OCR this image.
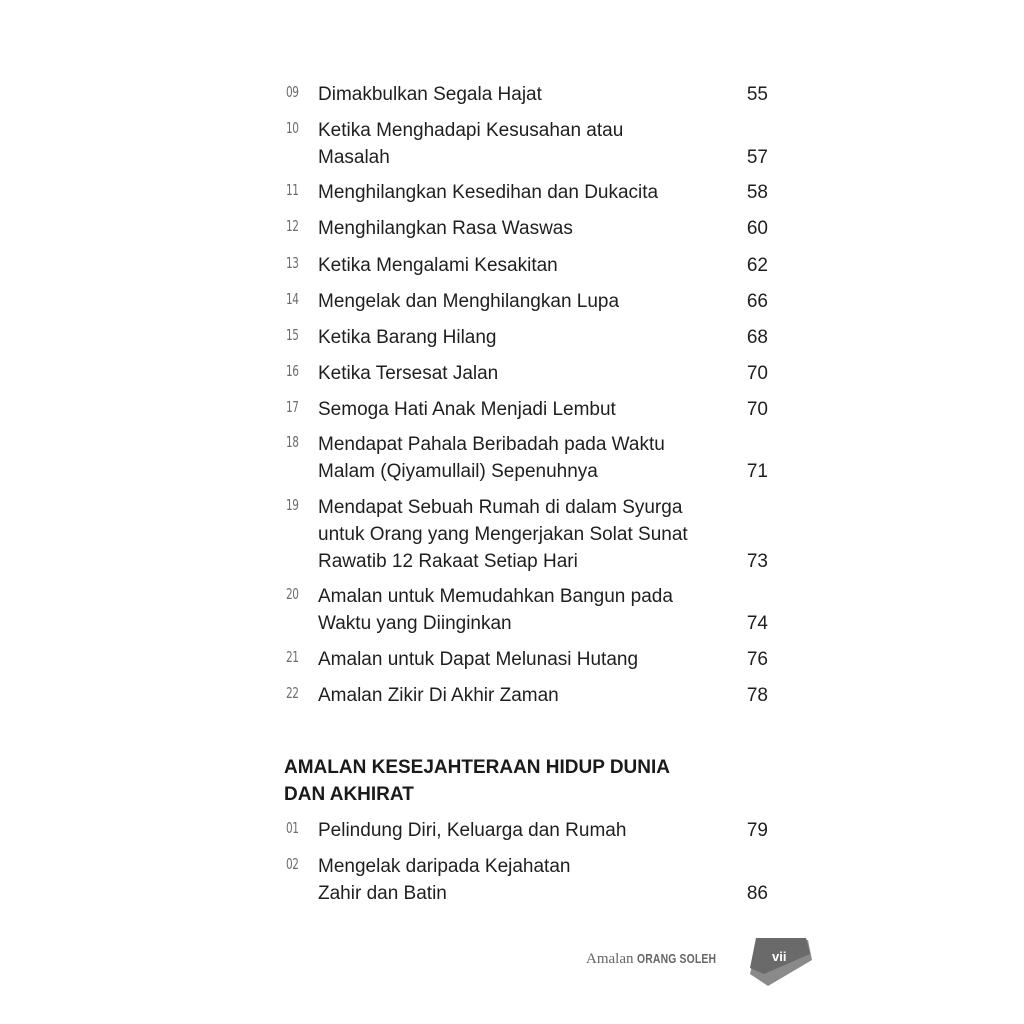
09 Dimakbulkan Segala Hajat	55
10 Ketika Menghadapi Kesusahan atau Masalah	57
11 Menghilangkan Kesedihan dan Dukacita	58
12 Menghilangkan Rasa Waswas	60
13 Ketika Mengalami Kesakitan	62
14 Mengelak dan Menghilangkan Lupa	66
15 Ketika Barang Hilang	68
16 Ketika Tersesat Jalan	70
17 Semoga Hati Anak Menjadi Lembut	70
18 Mendapat Pahala Beribadah pada Waktu Malam (Qiyamullail) Sepenuhnya	71
19 Mendapat Sebuah Rumah di dalam Syurga untuk Orang yang Mengerjakan Solat Sunat Rawatib 12 Rakaat Setiap Hari	73
20 Amalan untuk Memudahkan Bangun pada Waktu yang Diinginkan	74
21 Amalan untuk Dapat Melunasi Hutang	76
22 Amalan Zikir Di Akhir Zaman	78
AMALAN KESEJAHTERAAN HIDUP DUNIA DAN AKHIRAT
01 Pelindung Diri, Keluarga dan Rumah	79
02 Mengelak daripada Kejahatan Zahir dan Batin	86
Amalan ORANG SOLEH	vii
